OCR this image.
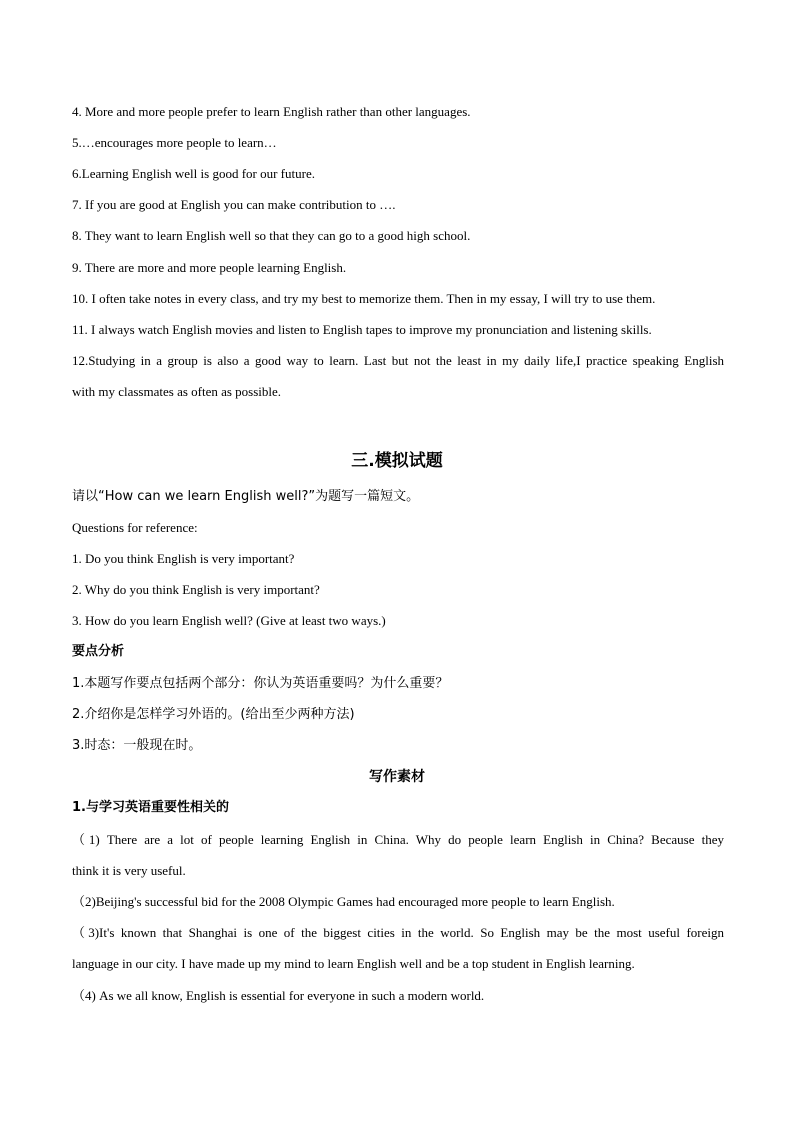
4. More and more people prefer to learn English rather than other languages.
5.…encourages more people to learn…
6.Learning English well is good for our future.
7. If you are good at English you can make contribution to ….
8. They want to learn English well so that they can go to a good high school.
9. There are more and more people learning English.
10. I often take notes in every class, and try my best to memorize them. Then in my essay, I will try to use them.
11. I always watch English movies and listen to English tapes to improve my pronunciation and listening skills.
12.Studying in a group is also a good way to learn. Last but not the least in my daily life,I practice speaking English
with my classmates as often as possible.
三.模拟试题
请以“How can we learn English well?”为题写一篇短文。
Questions for reference:
1. Do you think English is very important?
2. Why do you think English is very important?
3. How do you learn English well? (Give at least two ways.)
要点分析
1.本题写作要点包括两个部分：你认为英语重要吗？为什么重要？
2.介绍你是怎样学习外语的。(给出至少两种方法)
3.时态：一般现在时。
写作素材
1.与学习英语重要性相关的
（1) There are a lot of people learning English in China. Why do people learn English in China? Because they
think it is very useful.
（2)Beijing's successful bid for the 2008 Olympic Games had encouraged more people to learn English.
（3)It's known that Shanghai is one of the biggest cities in the world. So English may be the most useful foreign
language in our city. I have made up my mind to learn English well and be a top student in English learning.
（4) As we all know, English is essential for everyone in such a modern world.
